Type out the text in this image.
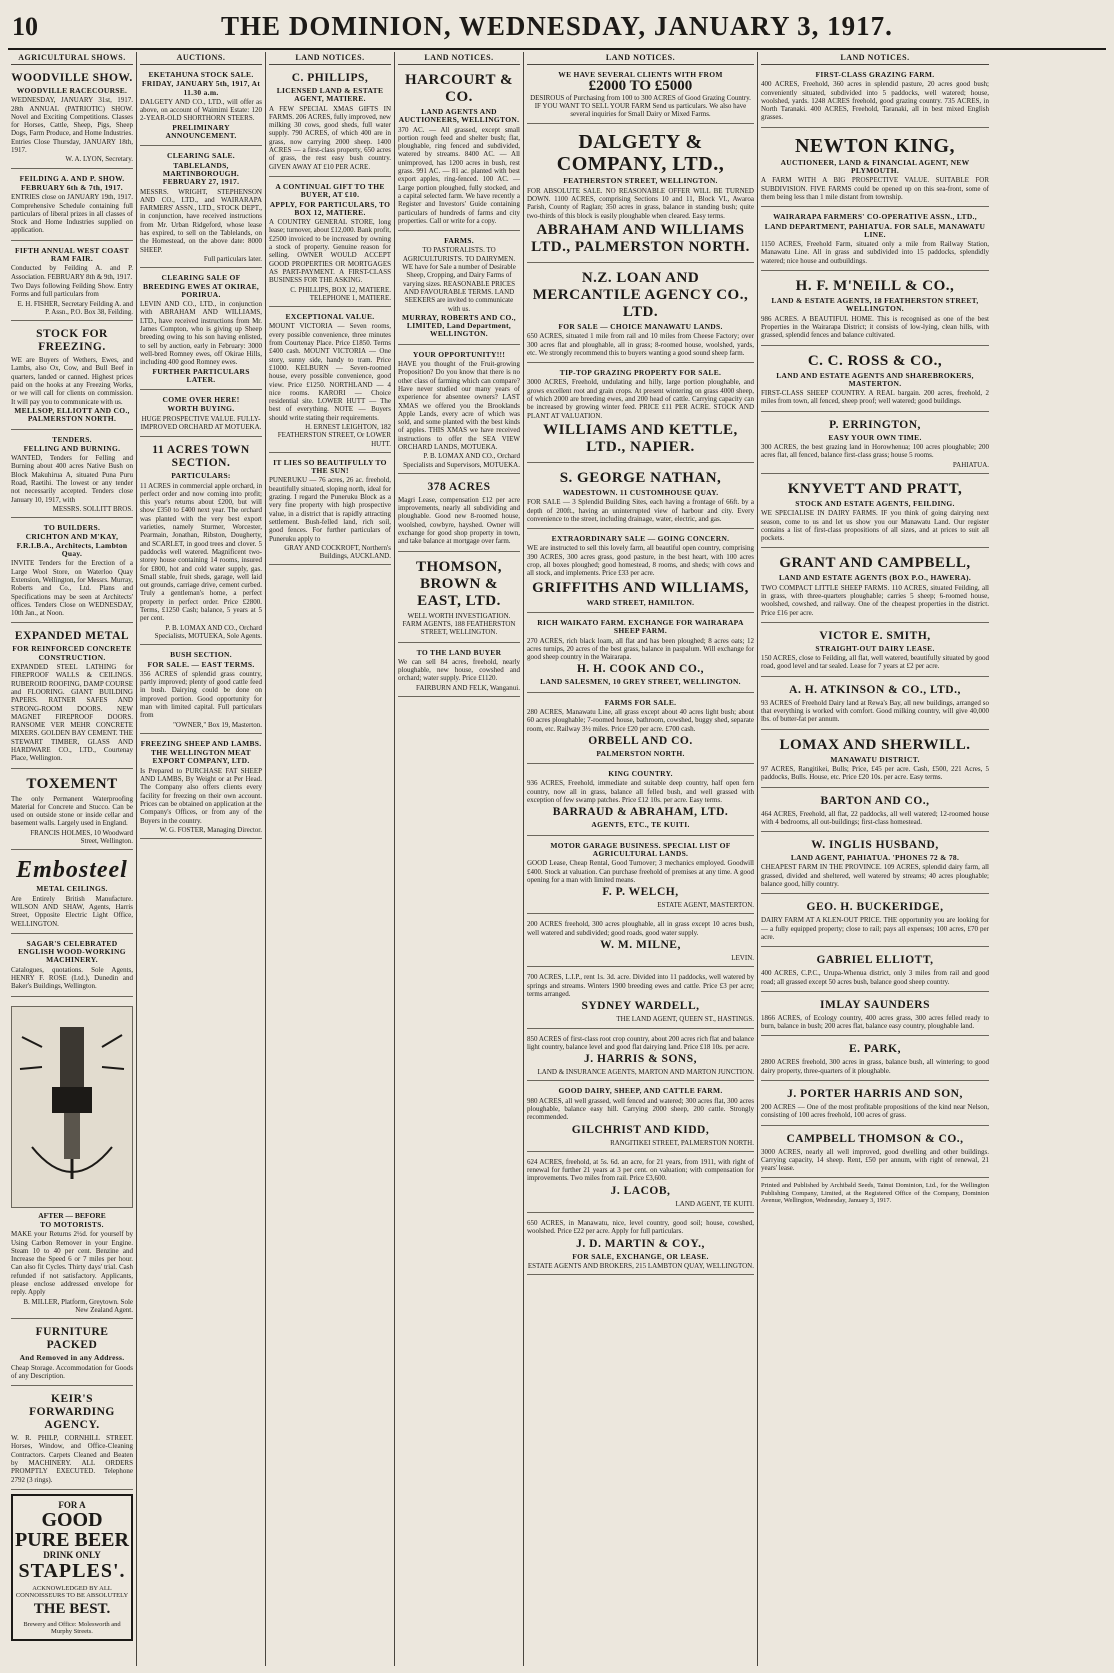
10	THE DOMINION, WEDNESDAY, JANUARY 3, 1917.
AGRICULTURAL SHOWS.
WOODVILLE SHOW.
WOODVILLE RACECOURSE.
WEDNESDAY, JANUARY 31st, 1917. 28th ANNUAL (PATRIOTIC) SHOW. Novel and Exciting Competitions. Classes for Horses, Cattle, Sheep, Pigs, Sheep Dogs, Farm Produce, and Home Industries. Entries Close Thursday, JANUARY 18th, 1917.
W. A. LYON, Secretary.
FEILDING A. AND P. SHOW.
FEBRUARY 6th & 7th, 1917.
ENTRIES close on JANUARY 19th, 1917. Comprehensive Schedule containing full particulars of liberal prizes in all classes of Stock and Home Industries supplied on application.
FIFTH ANNUAL WEST COAST RAM FAIR.
Conducted by Feilding A. and P. Association. FEBRUARY 8th & 9th, 1917.
Two Days following Feilding Show. Entry Forms and full particulars from
E. H. FISHER, Secretary Feilding A. and P. Assn., P.O. Box 38, Feilding.
STOCK FOR FREEZING.
WE are Buyers of Wethers, Ewes, and Lambs, also Ox, Cow, and Bull Beef in quarters, landed or canned. Highest prices paid on the hooks at any Freezing Works, or we will call for clients on commission. It will pay you to communicate with us.
MELLSOP, ELLIOTT AND CO., PALMERSTON NORTH.
TENDERS.
FELLING AND BURNING.
WANTED, Tenders for Felling and Burning about 400 acres Native Bush on Block Makuhirua A, situated Puna Puru Road, Raetihi. The lowest or any tender not necessarily accepted. Tenders close January 10, 1917, with
MESSRS. SOLLITT BROS.
TO BUILDERS.
CRICHTON AND M'KAY, F.R.I.B.A., Architects, Lambton Quay.
INVITE Tenders for the Erection of a Large Wool Store, on Waterloo Quay Extension, Wellington, for Messrs. Murray, Roberts and Co., Ltd. Plans and Specifications may be seen at Architects' offices. Tenders Close on WEDNESDAY, 10th Jan., at Noon.
EXPANDED METAL
FOR REINFORCED CONCRETE CONSTRUCTION.
EXPANDED STEEL LATHING for FIREPROOF WALLS & CEILINGS. RUBEROID ROOFING, DAMP COURSE and FLOORING. GIANT BUILDING PAPERS. RATNER SAFES AND STRONG-ROOM DOORS. NEW MAGNET FIREPROOF DOORS. RANSOME VER MEHR CONCRETE MIXERS. GOLDEN BAY CEMENT. THE STEWART TIMBER, GLASS AND HARDWARE CO., LTD., Courtenay Place, Wellington.
TOXEMENT
The only Permanent Waterproofing Material for Concrete and Stucco. Can be used on outside stone or inside cellar and basement walls. Largely used in England.
FRANCIS HOLMES, 10 Woodward Street, Wellington.
Embosteel
METAL CEILINGS.
Are Entirely British Manufacture. WILSON AND SHAW, Agents, Harris Street, Opposite Electric Light Office, WELLINGTON.
SAGAR'S CELEBRATED ENGLISH WOOD-WORKING MACHINERY.
Catalogues, quotations. Sole Agents, HENRY F. ROSE (Ltd.), Dunedin and Baker's Buildings, Wellington.
AFTER — BEFORE
TO MOTORISTS.
MAKE your Returns 2½d. for yourself by Using Carbon Remover in your Engine. Steam 10 to 40 per cent. Benzine and Increase the Speed 6 or 7 miles per hour. Can also fit Cycles. Thirty days' trial. Cash refunded if not satisfactory. Applicants, please enclose addressed envelope for reply. Apply
B. MILLER, Platform, Greytown. Sole New Zealand Agent.
FURNITURE PACKED
And Removed in any Address.
Cheap Storage. Accommodation for Goods of any Description.
KEIR'S FORWARDING AGENCY.
W. R. PHILP, CORNHILL STREET. Horses, Window, and Office-Cleaning Contractors. Carpets Cleaned and Beaten by MACHINERY. ALL ORDERS PROMPTLY EXECUTED. Telephone 2792 (3 rings).
FOR A
GOOD PURE BEER
DRINK ONLY
STAPLES'.
ACKNOWLEDGED BY ALL CONNOISSEURS TO BE ABSOLUTELY
THE BEST.
Brewery and Office: Molesworth and Murphy Streets.
AUCTIONS.
EKETAHUNA STOCK SALE.
FRIDAY, JANUARY 5th, 1917, At 11.30 a.m.
DALGETY AND CO., LTD., will offer as above, on account of Waimimi Estate: 120 2-YEAR-OLD SHORTHORN STEERS.
PRELIMINARY ANNOUNCEMENT.
CLEARING SALE.
TABLELANDS, MARTINBOROUGH. FEBRUARY 27, 1917.
MESSRS. WRIGHT, STEPHENSON AND CO., LTD., and WAIRARAPA FARMERS' ASSN., LTD., STOCK DEPT., in conjunction, have received instructions from Mr. Urban Ridgeford, whose lease has expired, to sell on the Tablelands, on the Homestead, on the above date: 8000 SHEEP.
Full particulars later.
CLEARING SALE OF BREEDING EWES AT OKIRAE, PORIRUA.
LEVIN AND CO., LTD., in conjunction with ABRAHAM AND WILLIAMS, LTD., have received instructions from Mr. James Compton, who is giving up Sheep breeding owing to his son having enlisted, to sell by auction, early in February: 3000 well-bred Romney ewes, off Okirae Hills, including 400 good Romney ewes.
FURTHER PARTICULARS LATER.
COME OVER HERE!
WORTH BUYING.
HUGE PROSPECTIVE VALUE. FULLY-IMPROVED ORCHARD AT MOTUEKA.
11 ACRES TOWN SECTION.
PARTICULARS:
11 ACRES in commercial apple orchard, in perfect order and now coming into profit; this year's returns about £200, but will show £350 to £400 next year. The orchard was planted with the very best export varieties, namely Sturmer, Worcester, Pearmain, Jonathan, Ribston, Dougherty, and SCARLET, in good trees and clover. 5 paddocks well watered. Magnificent two-storey house containing 14 rooms, insured for £800, hot and cold water supply, gas. Small stable, fruit sheds, garage, well laid out grounds, carriage drive, cement curbed. Truly a gentleman's home, a perfect property in perfect order. Price £2800. Terms, £1250 Cash; balance, 5 years at 5 per cent.
P. B. LOMAX AND CO., Orchard Specialists, MOTUEKA, Sole Agents.
BUSH SECTION.
FOR SALE. — EAST TERMS.
356 ACRES of splendid grass country, partly improved; plenty of good cattle feed in bush. Dairying could be done on improved portion. Good opportunity for man with limited capital. Full particulars from
"OWNER," Box 19, Masterton.
FREEZING SHEEP AND LAMBS.
THE WELLINGTON MEAT EXPORT COMPANY, LTD.
Is Prepared to PURCHASE FAT SHEEP AND LAMBS, By Weight or at Per Head. The Company also offers clients every facility for freezing on their own account. Prices can be obtained on application at the Company's Offices, or from any of the Buyers in the country.
W. G. FOSTER, Managing Director.
LAND NOTICES.
C. PHILLIPS,
LICENSED LAND & ESTATE AGENT, MATIERE.
A FEW SPECIAL XMAS GIFTS IN FARMS. 206 ACRES, fully improved, new milking 30 cows, good sheds, full water supply. 790 ACRES, of which 400 are in grass, now carrying 2000 sheep. 1400 ACRES — a first-class property, 650 acres of grass, the rest easy bush country. GIVEN AWAY AT £10 PER ACRE.
A CONTINUAL GIFT TO THE BUYER, AT £10.
APPLY, FOR PARTICULARS, TO BOX 12, MATIERE.
A COUNTRY GENERAL STORE, long lease; turnover, about £12,000. Bank profit, £2500 invoiced to be increased by owning a stock of property. Genuine reason for selling. OWNER WOULD ACCEPT GOOD PROPERTIES OR MORTGAGES AS PART-PAYMENT. A FIRST-CLASS BUSINESS FOR THE ASKING.
C. PHILLIPS, BOX 12, MATIERE. TELEPHONE 1, MATIERE.
EXCEPTIONAL VALUE.
MOUNT VICTORIA — Seven rooms, every possible convenience, three minutes from Courtenay Place. Price £1850. Terms £400 cash. MOUNT VICTORIA — One story, sunny side, handy to tram. Price £1000. KELBURN — Seven-roomed house, every possible convenience, good view. Price £1250. NORTHLAND — 4 nice rooms. KARORI — Choice residential site. LOWER HUTT — The best of everything. NOTE — Buyers should write stating their requirements.
H. ERNEST LEIGHTON, 182 FEATHERSTON STREET, Or LOWER HUTT.
IT LIES SO BEAUTIFULLY TO THE SUN!
PUNERUKU — 76 acres, 26 ac. freehold, beautifully situated, sloping north, ideal for grazing. I regard the Puneruku Block as a very fine property with high prospective value, in a district that is rapidly attracting settlement. Bush-felled land, rich soil, good fences. For further particulars of Puneruku apply to
GRAY AND COCKROFT, Northern's Buildings, AUCKLAND.
LAND NOTICES.
HARCOURT & CO.
LAND AGENTS AND AUCTIONEERS, WELLINGTON.
370 AC. — All grassed, except small portion rough feed and shelter bush; flat, ploughable, ring fenced and subdivided, watered by streams. 8400 AC. — All unimproved, has 1200 acres in bush, rest grass. 991 AC. — 81 ac. planted with best export apples, ring-fenced. 100 AC. — Large portion ploughed, fully stocked, and a capital selected farm. We have recently a Register and Investors' Guide containing particulars of hundreds of farms and city properties. Call or write for a copy.
FARMS.
TO PASTORALISTS. TO AGRICULTURISTS. TO DAIRYMEN. WE have for Sale a number of Desirable Sheep, Cropping, and Dairy Farms of varying sizes. REASONABLE PRICES AND FAVOURABLE TERMS. LAND SEEKERS are invited to communicate with us.
MURRAY, ROBERTS AND CO., LIMITED, Land Department, WELLINGTON.
YOUR OPPORTUNITY!!!
HAVE you thought of the Fruit-growing Proposition? Do you know that there is no other class of farming which can compare? Have never studied our many years of experience for absentee owners? LAST XMAS we offered you the Brooklands Apple Lands, every acre of which was sold, and some planted with the best kinds of apples. THIS XMAS we have received instructions to offer the SEA VIEW ORCHARD LANDS, MOTUEKA.
P. B. LOMAX AND CO., Orchard Specialists and Supervisors, MOTUEKA.
378 ACRES
Magri Lease, compensation £12 per acre improvements, nearly all subdividing and ploughable. Good new 8-roomed house, woolshed, cowbyre, hayshed. Owner will exchange for good shop property in town, and take balance at mortgage over farm.
THOMSON, BROWN & EAST, LTD.
WELL WORTH INVESTIGATION. FARM AGENTS, 188 FEATHERSTON STREET, WELLINGTON.
TO THE LAND BUYER
We can sell 84 acres, freehold, nearly ploughable, new house, cowshed and orchard; water supply. Price £1120.
FAIRBURN AND FELK, Wanganui.
LAND NOTICES.
WE HAVE SEVERAL CLIENTS WITH FROM
£2000 TO £5000
DESIROUS of Purchasing from 100 to 300 ACRES of Good Grazing Country. IF YOU WANT TO SELL YOUR FARM Send us particulars. We also have several inquiries for Small Dairy or Mixed Farms.
DALGETY & COMPANY, LTD.,
FEATHERSTON STREET, WELLINGTON.
FOR ABSOLUTE SALE. NO REASONABLE OFFER WILL BE TURNED DOWN. 1100 ACRES, comprising Sections 10 and 11, Block VI., Awaroa Parish, County of Raglan; 350 acres in grass, balance in standing bush; quite two-thirds of this block is easily ploughable when cleared. Easy terms.
ABRAHAM AND WILLIAMS LTD., PALMERSTON NORTH.
N.Z. LOAN AND MERCANTILE AGENCY CO., LTD.
FOR SALE — CHOICE MANAWATU LANDS.
650 ACRES, situated 1 mile from rail and 10 miles from Cheese Factory; over 300 acres flat and ploughable, all in grass; 8-roomed house, woolshed, yards, etc. We strongly recommend this to buyers wanting a good sound sheep farm.
TIP-TOP GRAZING PROPERTY FOR SALE.
3000 ACRES, Freehold, undulating and hilly, large portion ploughable, and grows excellent root and grain crops. At present wintering on grass 4000 sheep, of which 2000 are breeding ewes, and 200 head of cattle. Carrying capacity can be increased by growing winter feed. PRICE £11 PER ACRE. STOCK AND PLANT AT VALUATION.
WILLIAMS AND KETTLE, LTD., NAPIER.
S. GEORGE NATHAN,
WADESTOWN. 11 CUSTOMHOUSE QUAY.
FOR SALE — 3 Splendid Building Sites, each having a frontage of 66ft. by a depth of 200ft., having an uninterrupted view of harbour and city. Every convenience to the street, including drainage, water, electric, and gas.
EXTRAORDINARY SALE — GOING CONCERN.
WE are instructed to sell this lovely farm, all beautiful open country, comprising 390 ACRES, 300 acres grass, good pasture, in the best heart, with 100 acres crop, all boxes ploughed; good homestead, 8 rooms, and sheds; with cows and all stock, and implements. Price £33 per acre.
GRIFFITHS AND WILLIAMS,
WARD STREET, HAMILTON.
RICH WAIKATO FARM. EXCHANGE FOR WAIRARAPA SHEEP FARM.
270 ACRES, rich black loam, all flat and has been ploughed; 8 acres oats; 12 acres turnips, 20 acres of the best grass, balance in paspalum. Will exchange for good sheep country in the Wairarapa.
H. H. COOK AND CO.,
LAND SALESMEN, 10 GREY STREET, WELLINGTON.
FARMS FOR SALE.
280 ACRES, Manawatu Line, all grass except about 40 acres light bush; about 60 acres ploughable; 7-roomed house, bathroom, cowshed, buggy shed, separate room, etc. Railway 3½ miles. Price £20 per acre. £700 cash.
ORBELL AND CO.
PALMERSTON NORTH.
KING COUNTRY.
936 ACRES, Freehold, immediate and suitable deep country, half open fern country, now all in grass, balance all felled bush, and well grassed with exception of few swamp patches. Price £12 10s. per acre. Easy terms.
BARRAUD & ABRAHAM, LTD.
AGENTS, ETC., TE KUITI.
MOTOR GARAGE BUSINESS. SPECIAL LIST OF AGRICULTURAL LANDS.
GOOD Lease, Cheap Rental, Good Turnover; 3 mechanics employed. Goodwill £400. Stock at valuation. Can purchase freehold of premises at any time. A good opening for a man with limited means.
F. P. WELCH,
ESTATE AGENT, MASTERTON.
200 ACRES freehold, 300 acres ploughable, all in grass except 10 acres bush, well watered and subdivided; good roads, good water supply.
W. M. MILNE,
LEVIN.
700 ACRES, L.I.P., rent 1s. 3d. acre. Divided into 11 paddocks, well watered by springs and streams. Winters 1900 breeding ewes and cattle. Price £3 per acre; terms arranged.
SYDNEY WARDELL,
THE LAND AGENT, QUEEN ST., HASTINGS.
850 ACRES of first-class root crop country, about 200 acres rich flat and balance light country, balance level and good flat dairying land. Price £18 10s. per acre.
J. HARRIS & SONS,
LAND & INSURANCE AGENTS, MARTON AND MARTON JUNCTION.
GOOD DAIRY, SHEEP, AND CATTLE FARM.
980 ACRES, all well grassed, well fenced and watered; 300 acres flat, 300 acres ploughable, balance easy hill. Carrying 2000 sheep, 200 cattle. Strongly recommended.
GILCHRIST AND KIDD,
RANGITIKEI STREET, PALMERSTON NORTH.
624 ACRES, freehold, at 5s. 6d. an acre, for 21 years, from 1911, with right of renewal for further 21 years at 3 per cent. on valuation; with compensation for improvements. Two miles from rail. Price £3,600.
J. LACOB,
LAND AGENT, TE KUITI.
650 ACRES, in Manawatu, nice, level country, good soil; house, cowshed, woolshed. Price £22 per acre. Apply for full particulars.
J. D. MARTIN & COY.,
FOR SALE, EXCHANGE, OR LEASE.
ESTATE AGENTS AND BROKERS, 215 LAMBTON QUAY, WELLINGTON.
LAND NOTICES.
FIRST-CLASS GRAZING FARM.
400 ACRES, Freehold, 360 acres in splendid pasture, 20 acres good bush; conveniently situated, subdivided into 5 paddocks, well watered; house, woolshed, yards. 1248 ACRES freehold, good grazing country. 735 ACRES, in North Taranaki. 400 ACRES, Freehold, Taranaki, all in best mixed English grasses.
NEWTON KING,
AUCTIONEER, LAND & FINANCIAL AGENT, NEW PLYMOUTH.
A FARM WITH A BIG PROSPECTIVE VALUE. SUITABLE FOR SUBDIVISION. FIVE FARMS could be opened up on this sea-front, some of them being less than 1 mile distant from township.
WAIRARAPA FARMERS' CO-OPERATIVE ASSN., LTD.,
LAND DEPARTMENT, PAHIATUA. FOR SALE, MANAWATU LINE.
1150 ACRES, Freehold Farm, situated only a mile from Railway Station, Manawatu Line. All in grass and subdivided into 15 paddocks, splendidly watered; nice house and outbuildings.
H. F. M'NEILL & CO.,
LAND & ESTATE AGENTS, 18 FEATHERSTON STREET, WELLINGTON.
986 ACRES. A BEAUTIFUL HOME. This is recognised as one of the best Properties in the Wairarapa District; it consists of low-lying, clean hills, with grassed, splendid fences and balance cultivated.
C. C. ROSS & CO.,
LAND AND ESTATE AGENTS AND SHAREBROKERS, MASTERTON.
FIRST-CLASS SHEEP COUNTRY. A REAL bargain. 200 acres, freehold, 2 miles from town, all fenced, sheep proof; well watered; good buildings.
P. ERRINGTON,
EASY YOUR OWN TIME.
300 ACRES, the best grazing land in Horowhenua; 100 acres ploughable; 200 acres flat, all fenced, balance first-class grass; house 5 rooms.
PAHIATUA.
KNYVETT AND PRATT,
STOCK AND ESTATE AGENTS, FEILDING.
WE SPECIALISE IN DAIRY FARMS. IF you think of going dairying next season, come to us and let us show you our Manawatu Land. Our register contains a list of first-class propositions of all sizes, and at prices to suit all pockets.
GRANT AND CAMPBELL,
LAND AND ESTATE AGENTS (BOX P.O., HAWERA).
TWO COMPACT LITTLE SHEEP FARMS. 110 ACRES, situated Feilding, all in grass, with three-quarters ploughable; carries 5 sheep; 6-roomed house, woolshed, cowshed, and railway. One of the cheapest properties in the district. Price £16 per acre.
VICTOR E. SMITH,
STRAIGHT-OUT DAIRY LEASE.
150 ACRES, close to Feilding, all flat, well watered, beautifully situated by good road, good level and tar sealed. Lease for 7 years at £2 per acre.
A. H. ATKINSON & CO., LTD.,
93 ACRES of Freehold Dairy land at Rewa's Bay, all new buildings, arranged so that everything is worked with comfort. Good milking country, will give 40,000 lbs. of butter-fat per annum.
LOMAX AND SHERWILL.
MANAWATU DISTRICT.
97 ACRES, Rangitikei, Bulls; Price, £45 per acre. Cash, £500, 221 Acres, 5 paddocks, Bulls. House, etc. Price £20 10s. per acre. Easy terms.
BARTON AND CO.,
464 ACRES, Freehold, all flat, 22 paddocks, all well watered; 12-roomed house with 4 bedrooms, all out-buildings; first-class homestead.
W. INGLIS HUSBAND,
LAND AGENT, PAHIATUA. 'PHONES 72 & 78.
CHEAPEST FARM IN THE PROVINCE. 109 ACRES, splendid dairy farm, all grassed, divided and sheltered, well watered by streams; 40 acres ploughable; balance good, hilly country.
GEO. H. BUCKERIDGE,
DAIRY FARM AT A KLEN-OUT PRICE. THE opportunity you are looking for — a fully equipped property; close to rail; pays all expenses; 100 acres, £70 per acre.
GABRIEL ELLIOTT,
400 ACRES, C.P.C., Urupa-Whenua district, only 3 miles from rail and good road; all grassed except 50 acres bush, balance good sheep country.
IMLAY SAUNDERS
1866 ACRES, of Ecology country, 400 acres grass, 300 acres felled ready to burn, balance in bush; 200 acres flat, balance easy country, ploughable land.
E. PARK,
2800 ACRES freehold, 300 acres in grass, balance bush, all wintering; to good dairy property, three-quarters of it ploughable.
J. PORTER HARRIS AND SON,
200 ACRES — One of the most profitable propositions of the kind near Nelson, consisting of 100 acres freehold, 100 acres of grass.
CAMPBELL THOMSON & CO.,
3000 ACRES, nearly all well improved, good dwelling and other buildings. Carrying capacity, 14 sheep. Rent, £50 per annum, with right of renewal, 21 years' lease.
Printed and Published by Archibald Seeds, Tainui Dominion, Ltd., for the Wellington Publishing Company, Limited, at the Registered Office of the Company, Dominion Avenue, Wellington, Wednesday, January 3, 1917.
